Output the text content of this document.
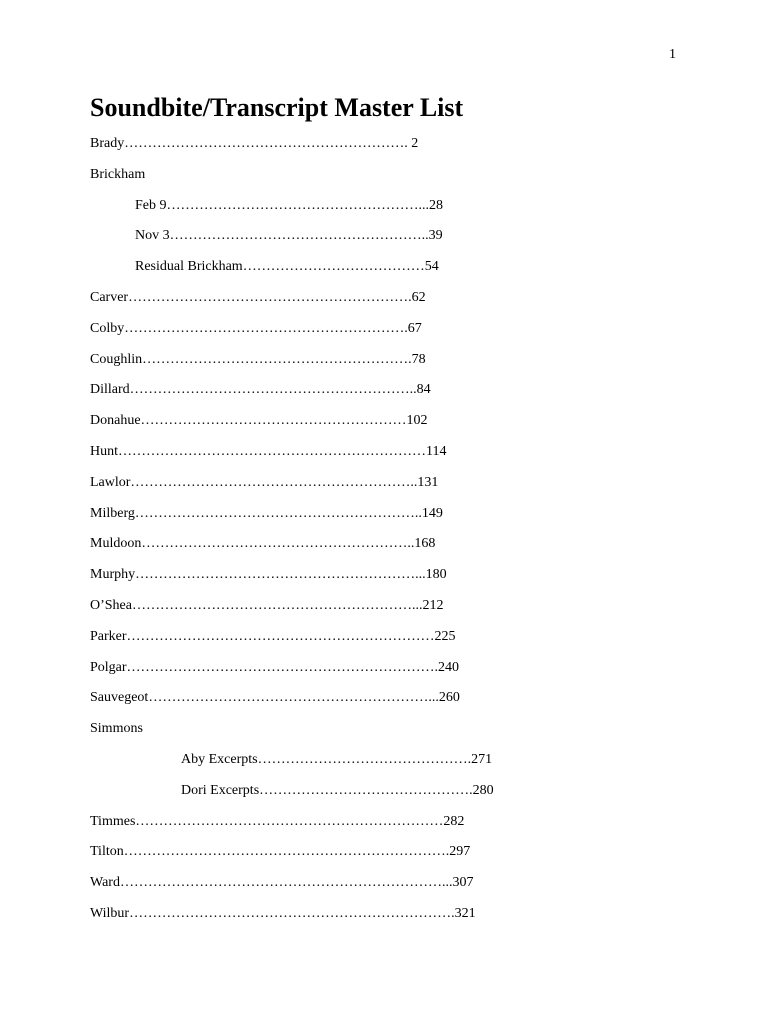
1
Soundbite/Transcript Master List
Brady……………………………………………………. 2
Brickham
Feb 9………………………………………………...28
Nov 3………………………………………………..39
Residual Brickham…………………………………54
Carver…………………………………………………….62
Colby…………………………………………………….67
Coughlin………………………………………………….78
Dillard……………………………………………………..84
Donahue…………………………………………………102
Hunt…………………………………………………………114
Lawlor……………………………………………………..131
Milberg……………………………………………………..149
Muldoon…………………………………………………..168
Murphy……………………………………………………...180
O’Shea……………………………………………………...212
Parker…………………………………………………………225
Polgar………………………………………………………….240
Sauvegeot……………………………………………………...260
Simmons
Aby Excerpts……………………………………….271
Dori Excerpts……………………………………….280
Timmes…………………………………………………………282
Tilton…………………………………………………………….297
Ward……………………………………………………………...307
Wilbur…………………………………………………………….321
